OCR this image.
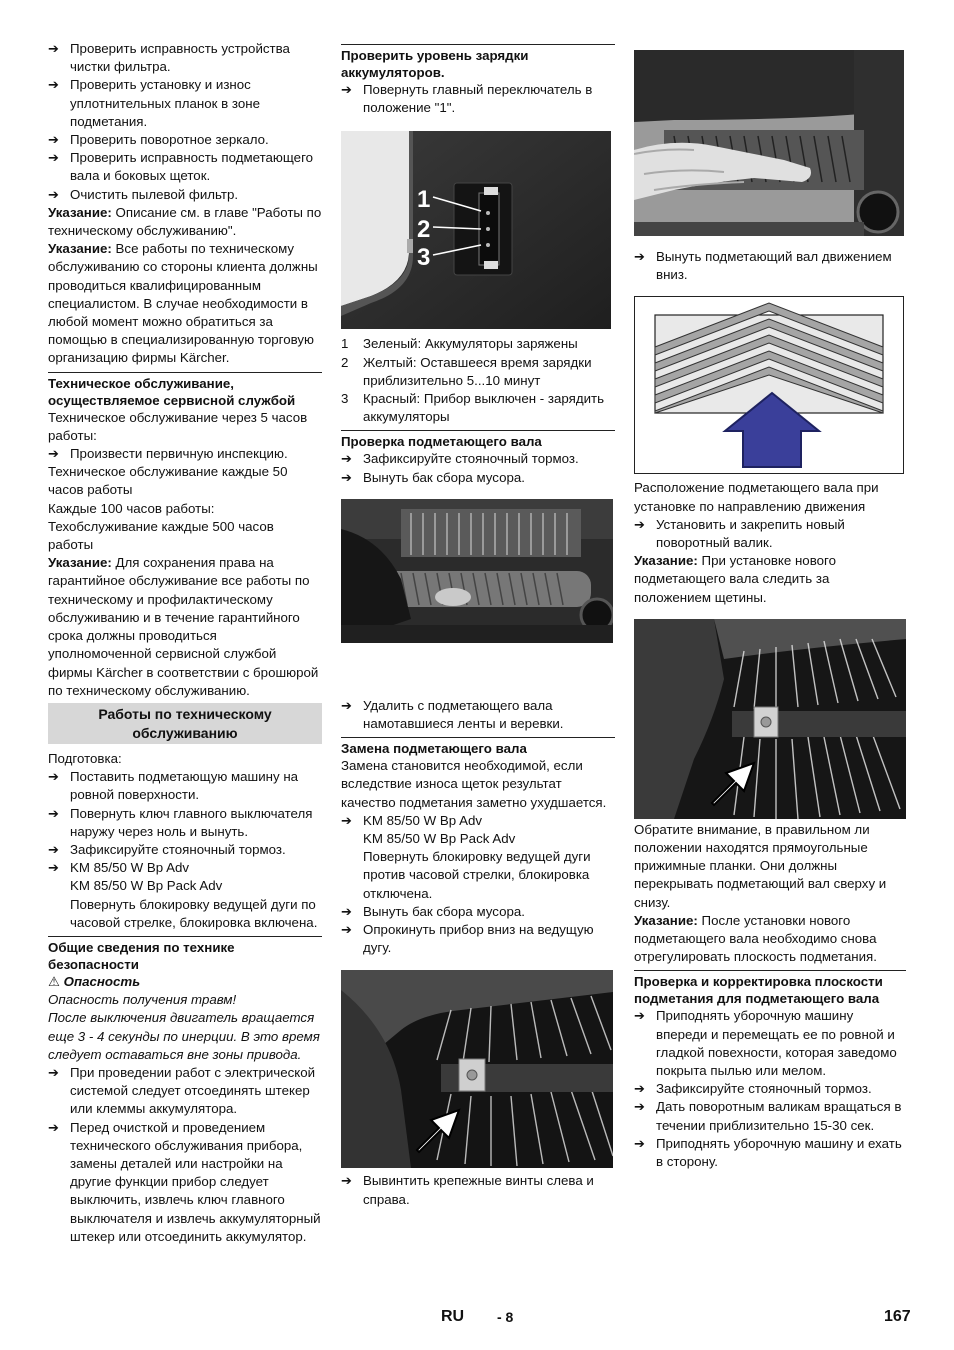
➔ Проверить исправность устройства чистки фильтра.
➔ Проверить установку и износ уплотнительных планок в зоне подметания.
➔ Проверить поворотное зеркало.
➔ Проверить исправность подметающего вала и боковых щеток.
➔ Очистить пылевой фильтр.

Указание: Описание см. в главе "Работы по техническому обслуживанию".

Указание: Все работы по техническому обслуживанию со стороны клиента должны проводиться квалифицированным специалистом. В случае необходимости в любой момент можно обратиться за помощью в специализированную торговую организацию фирмы Kärcher.

Техническое обслуживание, осуществляемое сервисной службой

Техническое обслуживание через 5 часов работы:

➔ Произвести первичную инспекцию.

Техническое обслуживание каждые 50 часов работы

Каждые 100 часов работы:

Техобслуживание каждые 500 часов работы

Указание: Для сохранения права на гарантийное обслуживание все работы по техническому и профилактическому обслуживанию и в течение гарантийного срока должны проводиться уполномоченной сервисной службой фирмы Kärcher в соответствии с брошюрой по техническому обслуживанию.

Работы по техническому обслуживанию

Подготовка:

➔ Поставить подметающую машину на ровной поверхности.
➔ Повернуть ключ главного выключателя наружу через ноль и вынуть.
➔ Зафиксируйте стояночный тормоз.
➔ KM 85/50 W Bp Adv

KM 85/50 W Bp Pack Adv

Повернуть блокировку ведущей дуги по часовой стрелке, блокировка включена.

Общие сведения по технике безопасности

⚠ Опасность

Опасность получения травм!

После выключения двигатель вращается еще 3 - 4 секунды по инерции. В это время следует оставаться вне зоны привода.

➔ При проведении работ с электрической системой следует отсоединять штекер или клеммы аккумулятора.
➔ Перед очисткой и проведением технического обслуживания прибора, замены деталей или настройки на другие функции прибор следует выключить, извлечь ключ главного выключателя и извлечь аккумуляторный штекер или отсоединить аккумулятор.
Проверить уровень зарядки аккумуляторов.
➔ Повернуть главный переключатель в положение "1".
1
2
3
1	Зеленый: Аккумуляторы заряжены
2	Желтый: Оставшееся время зарядки приблизительно 5...10 минут
3	Красный: Прибор выключен - зарядить аккумуляторы
Проверка подметающего вала
➔ Зафиксируйте стояночный тормоз.
➔ Вынуть бак сбора мусора.
➔ Удалить с подметающего вала намотавшиеся ленты и веревки.
Замена подметающего вала

Замена становится необходимой, если вследствие износа щеток результат качество подметания заметно ухудшается.

➔ KM 85/50 W Bp Adv

KM 85/50 W Bp Pack Adv

Повернуть блокировку ведущей дуги против часовой стрелки, блокировка отключена.

➔ Вынуть бак сбора мусора.
➔ Опрокинуть прибор вниз на ведущую дугу.
➔ Вывинтить крепежные винты слева и справа.
➔ Вынуть подметающий вал движением вниз.

Расположение подметающего вала при установке по направлению движения

➔ Установить и закрепить новый поворотный валик.

Указание: При установке нового подметающего вала следить за положением щетины.

Обратите внимание, в правильном ли положении находятся прямоугольные прижимные планки. Они должны перекрывать подметающий вал сверху и снизу.

Указание: После установки нового подметающего вала необходимо снова отрегулировать плоскость подметания.

Проверка и корректировка плоскости подметания для подметающего вала
➔ Приподнять уборочную машину впереди и перемещать ее по ровной и гладкой повехности, которая заведомо покрыта пылью или мелом.
➔ Зафиксируйте стояночный тормоз.
➔ Дать поворотным валикам вращаться в течении приблизительно 15-30 сек.
➔ Приподнять уборочную машину и ехать в сторону.
RU - 8	167
